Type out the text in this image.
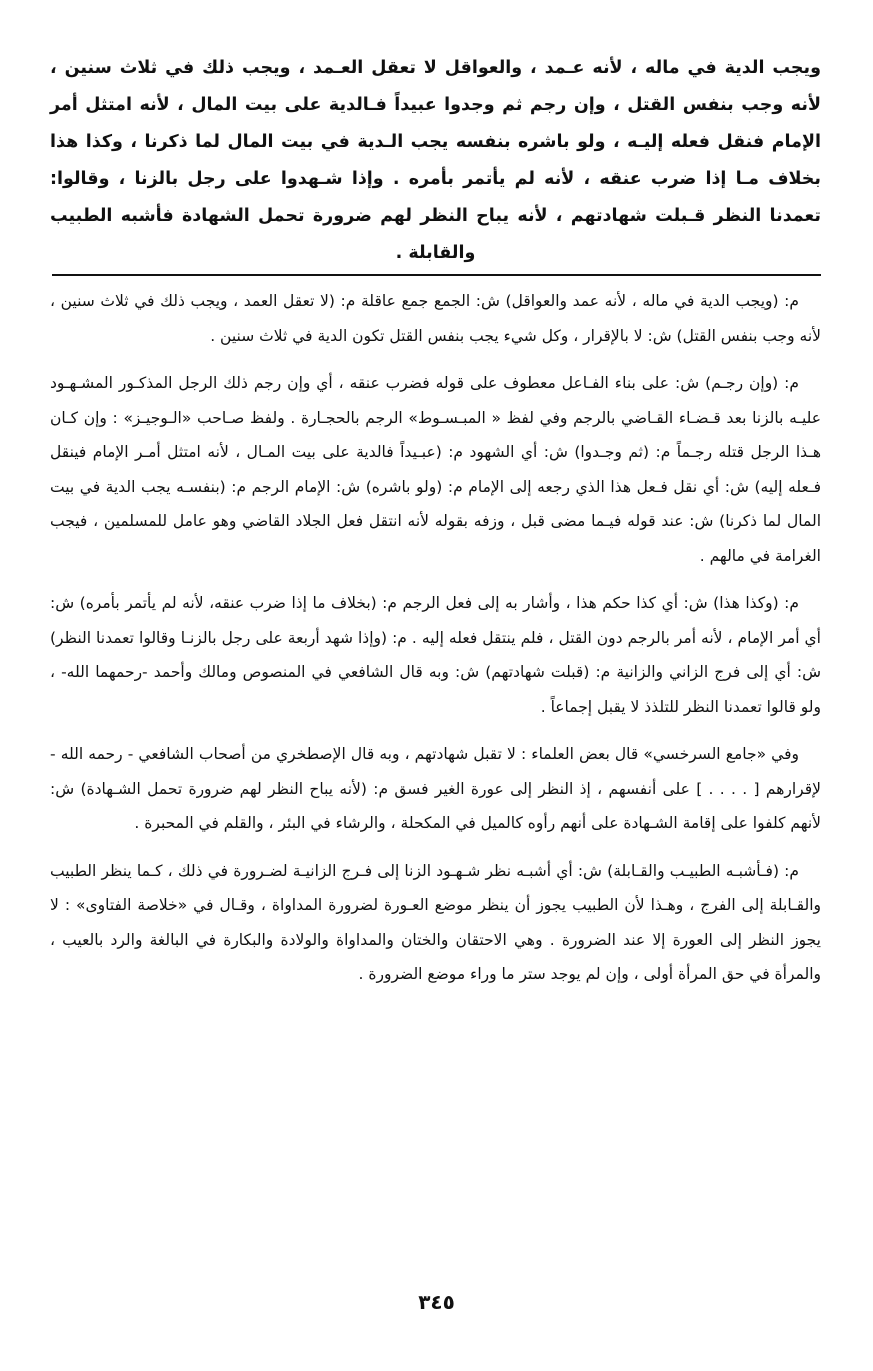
ويجب الدية في ماله ، لأنه عـمد ، والعواقل لا تعقل العـمد ، ويجب ذلك في ثلاث سنين ، لأنه وجب بنفس القتل ، وإن رجم ثم وجدوا عبيداً فـالدية على بيت المال ، لأنه امتثل أمر الإمام فنقل فعله إليـه ، ولو باشره بنفسه يجب الـدية في بيت المال لما ذكرنا ، وكذا هذا بخلاف مـا إذا ضرب عنقه ، لأنه لم يأتمر بأمره . وإذا شـهدوا على رجل بالزنا ، وقالوا: تعمدنا النظر قـبلت شهادتهم ، لأنه يباح النظر لهم ضرورة تحمل الشهادة فأشبه الطبيب والقابلة .

م: (ويجب الدية في ماله ، لأنه عمد والعواقل) ش: الجمع جمع عاقلة م: (لا تعقل العمد ، ويجب ذلك في ثلاث سنين ، لأنه وجب بنفس القتل) ش: لا بالإقرار ، وكل شيء يجب بنفس القتل تكون الدية في ثلاث سنين .

م: (وإن رجـم) ش: على بناء الفـاعل معطوف على قوله فضرب عنقه ، أي وإن رجم ذلك الرجل المذكـور المشـهـود عليـه بالزنا بعد قـضـاء القـاضي بالرجم وفي لفظ « المبـسـوط» الرجم بالحجـارة . ولفظ صـاحب «الـوجيـز» : وإن كـان هـذا الرجل قتله رجـماً م: (ثم وجـدوا) ش: أي الشهود م: (عبـيداً فالدية على بيت المـال ، لأنه امتثل أمـر الإمام فينقل فـعله إليه) ش: أي نقل فـعل هذا الذي رجعه إلى الإمام م: (ولو باشره) ش: الإمام الرجم م: (بنفسـه يجب الدية في بيت المال لما ذكرنا) ش: عند قوله فيـما مضى قبل ، وزفه بقوله لأنه انتقل فعل الجلاد القاضي وهو عامل للمسلمين ، فيجب الغرامة في مالهم .

م: (وكذا هذا) ش: أي كذا حكم هذا ، وأشار به إلى فعل الرجم م: (بخلاف ما إذا ضرب عنقه، لأنه لم يأتمر بأمره) ش: أي أمر الإمام ، لأنه أمر بالرجم دون القتل ، فلم ينتقل فعله إليه . م: (وإذا شهد أربعة على رجل بالزنـا وقالوا تعمدنا النظر) ش: أي إلى فرج الزاني والزانية م: (قبلت شهادتهم) ش: وبه قال الشافعي في المنصوص ومالك وأحمد -رحمهما الله- ، ولو قالوا تعمدنا النظر للتلذذ لا يقبل إجماعاً .

وفي «جامع السرخسي» قال بعض العلماء : لا تقبل شهادتهم ، وبه قال الإصطخري من أصحاب الشافعي - رحمه الله - لإقرارهم [ . . . . ] على أنفسهم ، إذ النظر إلى عورة الغير فسق م: (لأنه يباح النظر لهم ضرورة تحمل الشـهادة) ش: لأنهم كلفوا على إقامة الشـهادة على أنهم رأوه كالميل في المكحلة ، والرشاء في البئر ، والقلم في المحبرة .

م: (فـأشبـه الطبيـب والقـابلة) ش: أي أشبـه نظر شـهـود الزنا إلى فـرج الزانيـة لضـرورة في ذلك ، كـما ينظر الطبيب والقـابلة إلى الفرج ، وهـذا لأن الطبيب يجوز أن ينظر موضع العـورة لضرورة المداواة ، وقـال في «خلاصة الفتاوى» : لا يجوز النظر إلى العورة إلا عند الضرورة . وهي الاحتقان والختان والمداواة والولادة والبكارة في البالغة والرد بالعيب ، والمرأة في حق المرأة أولى ، وإن لم يوجد ستر ما وراء موضع الضرورة .

٣٤٥
